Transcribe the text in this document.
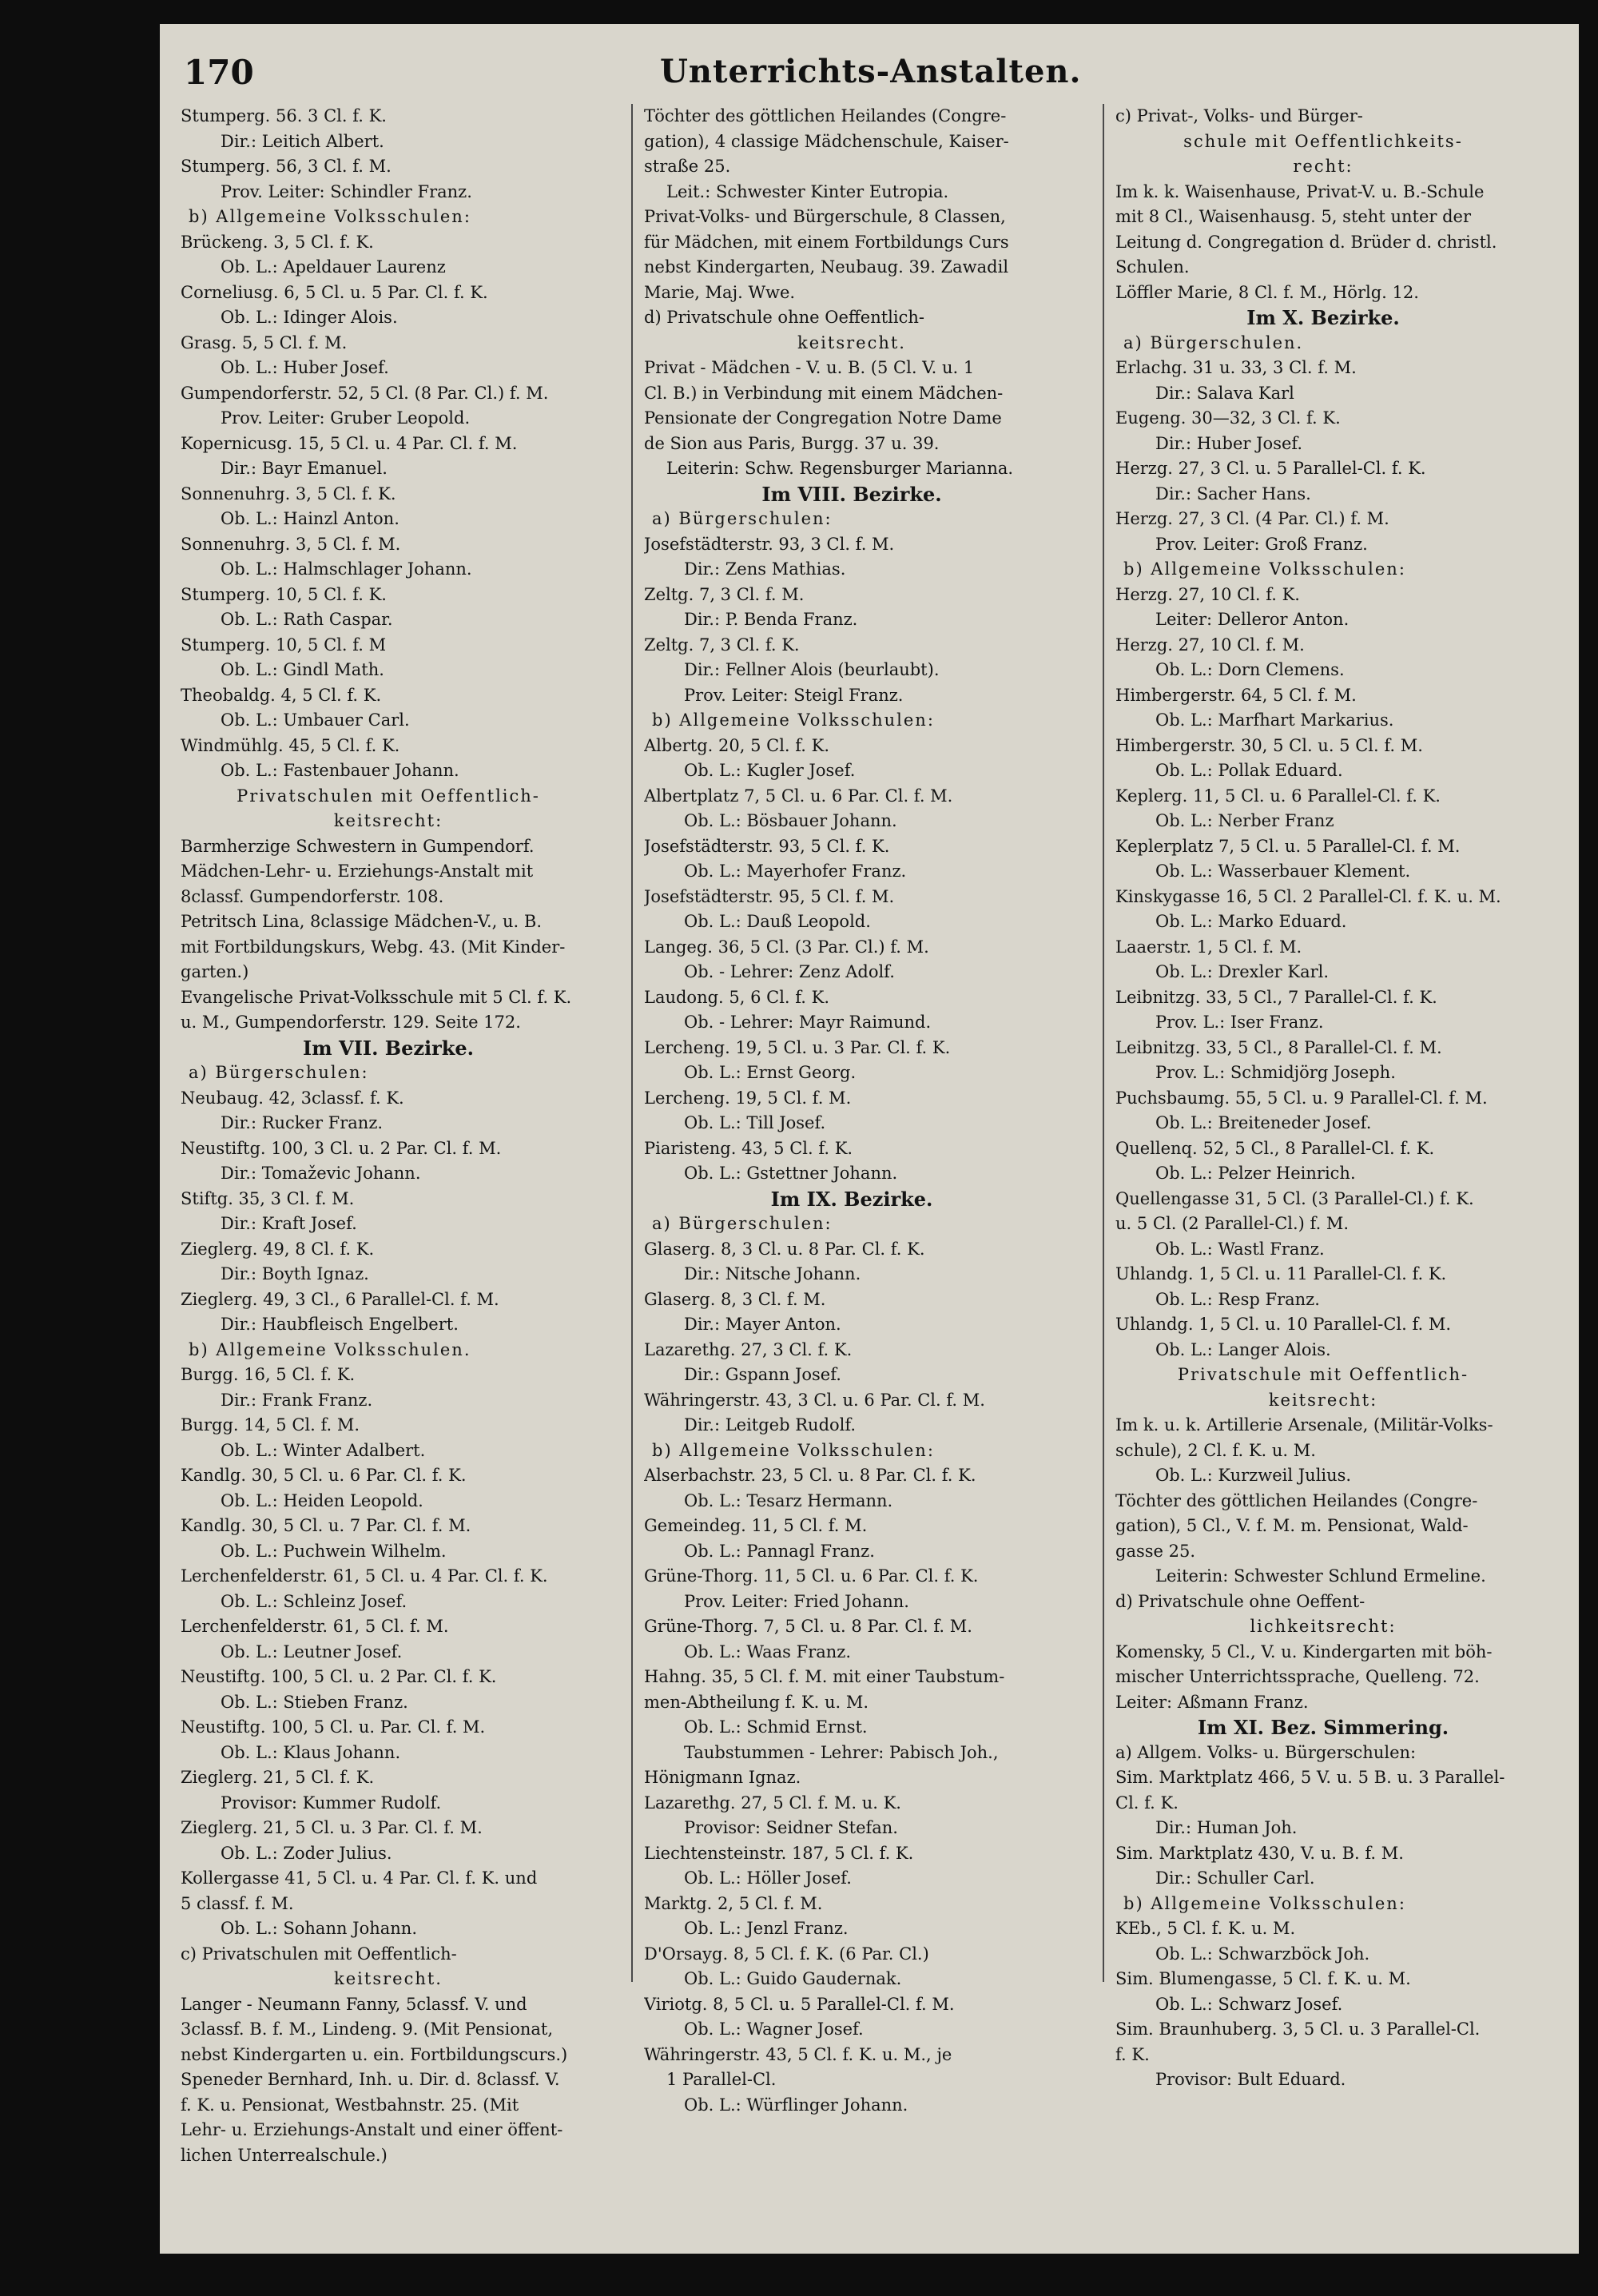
170	Unterrichts-Anstalten.
Stumperg. 56. 3 Cl. f. K.
Dir.: Leitich Albert.
Stumperg. 56, 3 Cl. f. M.
Prov. Leiter: Schindler Franz.
b) Allgemeine Volksschulen:
Brückeng. 3, 5 Cl. f. K.
Ob. L.: Apeldauer Laurenz
Corneliusg. 6, 5 Cl. u. 5 Par. Cl. f. K.
Ob. L.: Idinger Alois.
Grasg. 5, 5 Cl. f. M.
Ob. L.: Huber Josef.
Gumpendorferstr. 52, 5 Cl. (8 Par. Cl.) f. M.
Prov. Leiter: Gruber Leopold.
Kopernicusg. 15, 5 Cl. u. 4 Par. Cl. f. M.
Dir.: Bayr Emanuel.
Sonnenuhrg. 3, 5 Cl. f. K.
Ob. L.: Hainzl Anton.
Sonnenuhrg. 3, 5 Cl. f. M.
Ob. L.: Halmschlager Johann.
Stumperg. 10, 5 Cl. f. K.
Ob. L.: Rath Caspar.
Stumperg. 10, 5 Cl. f. M
Ob. L.: Gindl Math.
Theobaldg. 4, 5 Cl. f. K.
Ob. L.: Umbauer Carl.
Windmühlg. 45, 5 Cl. f. K.
Ob. L.: Fastenbauer Johann.
Privatschulen mit Oeffentlich-
keitsrecht:
Barmherzige Schwestern in Gumpendorf.
Mädchen-Lehr- u. Erziehungs-Anstalt mit
8classf. Gumpendorferstr. 108.
Petritsch Lina, 8classige Mädchen-V., u. B.
mit Fortbildungskurs, Webg. 43. (Mit Kinder-
garten.)
Evangelische Privat-Volksschule mit 5 Cl. f. K.
u. M., Gumpendorferstr. 129. Seite 172.
Im VII. Bezirke.
a) Bürgerschulen:
Neubaug. 42, 3classf. f. K.
Dir.: Rucker Franz.
Neustiftg. 100, 3 Cl. u. 2 Par. Cl. f. M.
Dir.: Tomaževic Johann.
Stiftg. 35, 3 Cl. f. M.
Dir.: Kraft Josef.
Zieglerg. 49, 8 Cl. f. K.
Dir.: Boyth Ignaz.
Zieglerg. 49, 3 Cl., 6 Parallel-Cl. f. M.
Dir.: Haubfleisch Engelbert.
b) Allgemeine Volksschulen.
Burgg. 16, 5 Cl. f. K.
Dir.: Frank Franz.
Burgg. 14, 5 Cl. f. M.
Ob. L.: Winter Adalbert.
Kandlg. 30, 5 Cl. u. 6 Par. Cl. f. K.
Ob. L.: Heiden Leopold.
Kandlg. 30, 5 Cl. u. 7 Par. Cl. f. M.
Ob. L.: Puchwein Wilhelm.
Lerchenfelderstr. 61, 5 Cl. u. 4 Par. Cl. f. K.
Ob. L.: Schleinz Josef.
Lerchenfelderstr. 61, 5 Cl. f. M.
Ob. L.: Leutner Josef.
Neustiftg. 100, 5 Cl. u. 2 Par. Cl. f. K.
Ob. L.: Stieben Franz.
Neustiftg. 100, 5 Cl. u. Par. Cl. f. M.
Ob. L.: Klaus Johann.
Zieglerg. 21, 5 Cl. f. K.
Provisor: Kummer Rudolf.
Zieglerg. 21, 5 Cl. u. 3 Par. Cl. f. M.
Ob. L.: Zoder Julius.
Kollergasse 41, 5 Cl. u. 4 Par. Cl. f. K. und
5 classf. f. M.
Ob. L.: Sohann Johann.
c) Privatschulen mit Oeffentlich-
keitsrecht.
Langer - Neumann Fanny, 5classf. V. und
3classf. B. f. M., Lindeng. 9. (Mit Pensionat,
nebst Kindergarten u. ein. Fortbildungscurs.)
Speneder Bernhard, Inh. u. Dir. d. 8classf. V.
f. K. u. Pensionat, Westbahnstr. 25. (Mit
Lehr- u. Erziehungs-Anstalt und einer öffent-
lichen Unterrealschule.)
Töchter des göttlichen Heilandes (Congre-
gation), 4 classige Mädchenschule, Kaiser-
straße 25.
Leit.: Schwester Kinter Eutropia.
Privat-Volks- und Bürgerschule, 8 Classen,
für Mädchen, mit einem Fortbildungs Curs
nebst Kindergarten, Neubaug. 39. Zawadil
Marie, Maj. Wwe.
d) Privatschule ohne Oeffentlich-
keitsrecht.
Privat - Mädchen - V. u. B. (5 Cl. V. u. 1
Cl. B.) in Verbindung mit einem Mädchen-
Pensionate der Congregation Notre Dame
de Sion aus Paris, Burgg. 37 u. 39.
Leiterin: Schw. Regensburger Marianna.
Im VIII. Bezirke.
a) Bürgerschulen:
Josefstädterstr. 93, 3 Cl. f. M.
Dir.: Zens Mathias.
Zeltg. 7, 3 Cl. f. M.
Dir.: P. Benda Franz.
Zeltg. 7, 3 Cl. f. K.
Dir.: Fellner Alois (beurlaubt).
Prov. Leiter: Steigl Franz.
b) Allgemeine Volksschulen:
Albertg. 20, 5 Cl. f. K.
Ob. L.: Kugler Josef.
Albertplatz 7, 5 Cl. u. 6 Par. Cl. f. M.
Ob. L.: Bösbauer Johann.
Josefstädterstr. 93, 5 Cl. f. K.
Ob. L.: Mayerhofer Franz.
Josefstädterstr. 95, 5 Cl. f. M.
Ob. L.: Dauß Leopold.
Langeg. 36, 5 Cl. (3 Par. Cl.) f. M.
Ob. - Lehrer: Zenz Adolf.
Laudong. 5, 6 Cl. f. K.
Ob. - Lehrer: Mayr Raimund.
Lercheng. 19, 5 Cl. u. 3 Par. Cl. f. K.
Ob. L.: Ernst Georg.
Lercheng. 19, 5 Cl. f. M.
Ob. L.: Till Josef.
Piaristeng. 43, 5 Cl. f. K.
Ob. L.: Gstettner Johann.
Im IX. Bezirke.
a) Bürgerschulen:
Glaserg. 8, 3 Cl. u. 8 Par. Cl. f. K.
Dir.: Nitsche Johann.
Glaserg. 8, 3 Cl. f. M.
Dir.: Mayer Anton.
Lazarethg. 27, 3 Cl. f. K.
Dir.: Gspann Josef.
Währingerstr. 43, 3 Cl. u. 6 Par. Cl. f. M.
Dir.: Leitgeb Rudolf.
b) Allgemeine Volksschulen:
Alserbachstr. 23, 5 Cl. u. 8 Par. Cl. f. K.
Ob. L.: Tesarz Hermann.
Gemeindeg. 11, 5 Cl. f. M.
Ob. L.: Pannagl Franz.
Grüne-Thorg. 11, 5 Cl. u. 6 Par. Cl. f. K.
Prov. Leiter: Fried Johann.
Grüne-Thorg. 7, 5 Cl. u. 8 Par. Cl. f. M.
Ob. L.: Waas Franz.
Hahng. 35, 5 Cl. f. M. mit einer Taubstum-
men-Abtheilung f. K. u. M.
Ob. L.: Schmid Ernst.
Taubstummen - Lehrer: Pabisch Joh.,
Hönigmann Ignaz.
Lazarethg. 27, 5 Cl. f. M. u. K.
Provisor: Seidner Stefan.
Liechtensteinstr. 187, 5 Cl. f. K.
Ob. L.: Höller Josef.
Marktg. 2, 5 Cl. f. M.
Ob. L.: Jenzl Franz.
D'Orsayg. 8, 5 Cl. f. K. (6 Par. Cl.)
Ob. L.: Guido Gaudernak.
Viriotg. 8, 5 Cl. u. 5 Parallel-Cl. f. M.
Ob. L.: Wagner Josef.
Währingerstr. 43, 5 Cl. f. K. u. M., je
1 Parallel-Cl.
Ob. L.: Würflinger Johann.
c) Privat-, Volks- und Bürger-
schule mit Oeffentlichkeits-
recht:
Im k. k. Waisenhause, Privat-V. u. B.-Schule
mit 8 Cl., Waisenhausg. 5, steht unter der
Leitung d. Congregation d. Brüder d. christl.
Schulen.
Löffler Marie, 8 Cl. f. M., Hörlg. 12.
Im X. Bezirke.
a) Bürgerschulen.
Erlachg. 31 u. 33, 3 Cl. f. M.
Dir.: Salava Karl
Eugeng. 30—32, 3 Cl. f. K.
Dir.: Huber Josef.
Herzg. 27, 3 Cl. u. 5 Parallel-Cl. f. K.
Dir.: Sacher Hans.
Herzg. 27, 3 Cl. (4 Par. Cl.) f. M.
Prov. Leiter: Groß Franz.
b) Allgemeine Volksschulen:
Herzg. 27, 10 Cl. f. K.
Leiter: Delleror Anton.
Herzg. 27, 10 Cl. f. M.
Ob. L.: Dorn Clemens.
Himbergerstr. 64, 5 Cl. f. M.
Ob. L.: Marfhart Markarius.
Himbergerstr. 30, 5 Cl. u. 5 Cl. f. M.
Ob. L.: Pollak Eduard.
Keplerg. 11, 5 Cl. u. 6 Parallel-Cl. f. K.
Ob. L.: Nerber Franz
Keplerplatz 7, 5 Cl. u. 5 Parallel-Cl. f. M.
Ob. L.: Wasserbauer Klement.
Kinskygasse 16, 5 Cl. 2 Parallel-Cl. f. K. u. M.
Ob. L.: Marko Eduard.
Laaerstr. 1, 5 Cl. f. M.
Ob. L.: Drexler Karl.
Leibnitzg. 33, 5 Cl., 7 Parallel-Cl. f. K.
Prov. L.: Iser Franz.
Leibnitzg. 33, 5 Cl., 8 Parallel-Cl. f. M.
Prov. L.: Schmidjörg Joseph.
Puchsbaumg. 55, 5 Cl. u. 9 Parallel-Cl. f. M.
Ob. L.: Breiteneder Josef.
Quellenq. 52, 5 Cl., 8 Parallel-Cl. f. K.
Ob. L.: Pelzer Heinrich.
Quellengasse 31, 5 Cl. (3 Parallel-Cl.) f. K.
u. 5 Cl. (2 Parallel-Cl.) f. M.
Ob. L.: Wastl Franz.
Uhlandg. 1, 5 Cl. u. 11 Parallel-Cl. f. K.
Ob. L.: Resp Franz.
Uhlandg. 1, 5 Cl. u. 10 Parallel-Cl. f. M.
Ob. L.: Langer Alois.
Privatschule mit Oeffentlich-
keitsrecht:
Im k. u. k. Artillerie Arsenale, (Militär-Volks-
schule), 2 Cl. f. K. u. M.
Ob. L.: Kurzweil Julius.
Töchter des göttlichen Heilandes (Congre-
gation), 5 Cl., V. f. M. m. Pensionat, Wald-
gasse 25.
Leiterin: Schwester Schlund Ermeline.
d) Privatschule ohne Oeffent-
lichkeitsrecht:
Komensky, 5 Cl., V. u. Kindergarten mit böh-
mischer Unterrichtssprache, Quelleng. 72.
Leiter: Aßmann Franz.
Im XI. Bez. Simmering.
a) Allgem. Volks- u. Bürgerschulen:
Sim. Marktplatz 466, 5 V. u. 5 B. u. 3 Parallel-
Cl. f. K.
Dir.: Human Joh.
Sim. Marktplatz 430, V. u. B. f. M.
Dir.: Schuller Carl.
b) Allgemeine Volksschulen:
KEb., 5 Cl. f. K. u. M.
Ob. L.: Schwarzböck Joh.
Sim. Blumengasse, 5 Cl. f. K. u. M.
Ob. L.: Schwarz Josef.
Sim. Braunhuberg. 3, 5 Cl. u. 3 Parallel-Cl.
f. K.
Provisor: Bult Eduard.
